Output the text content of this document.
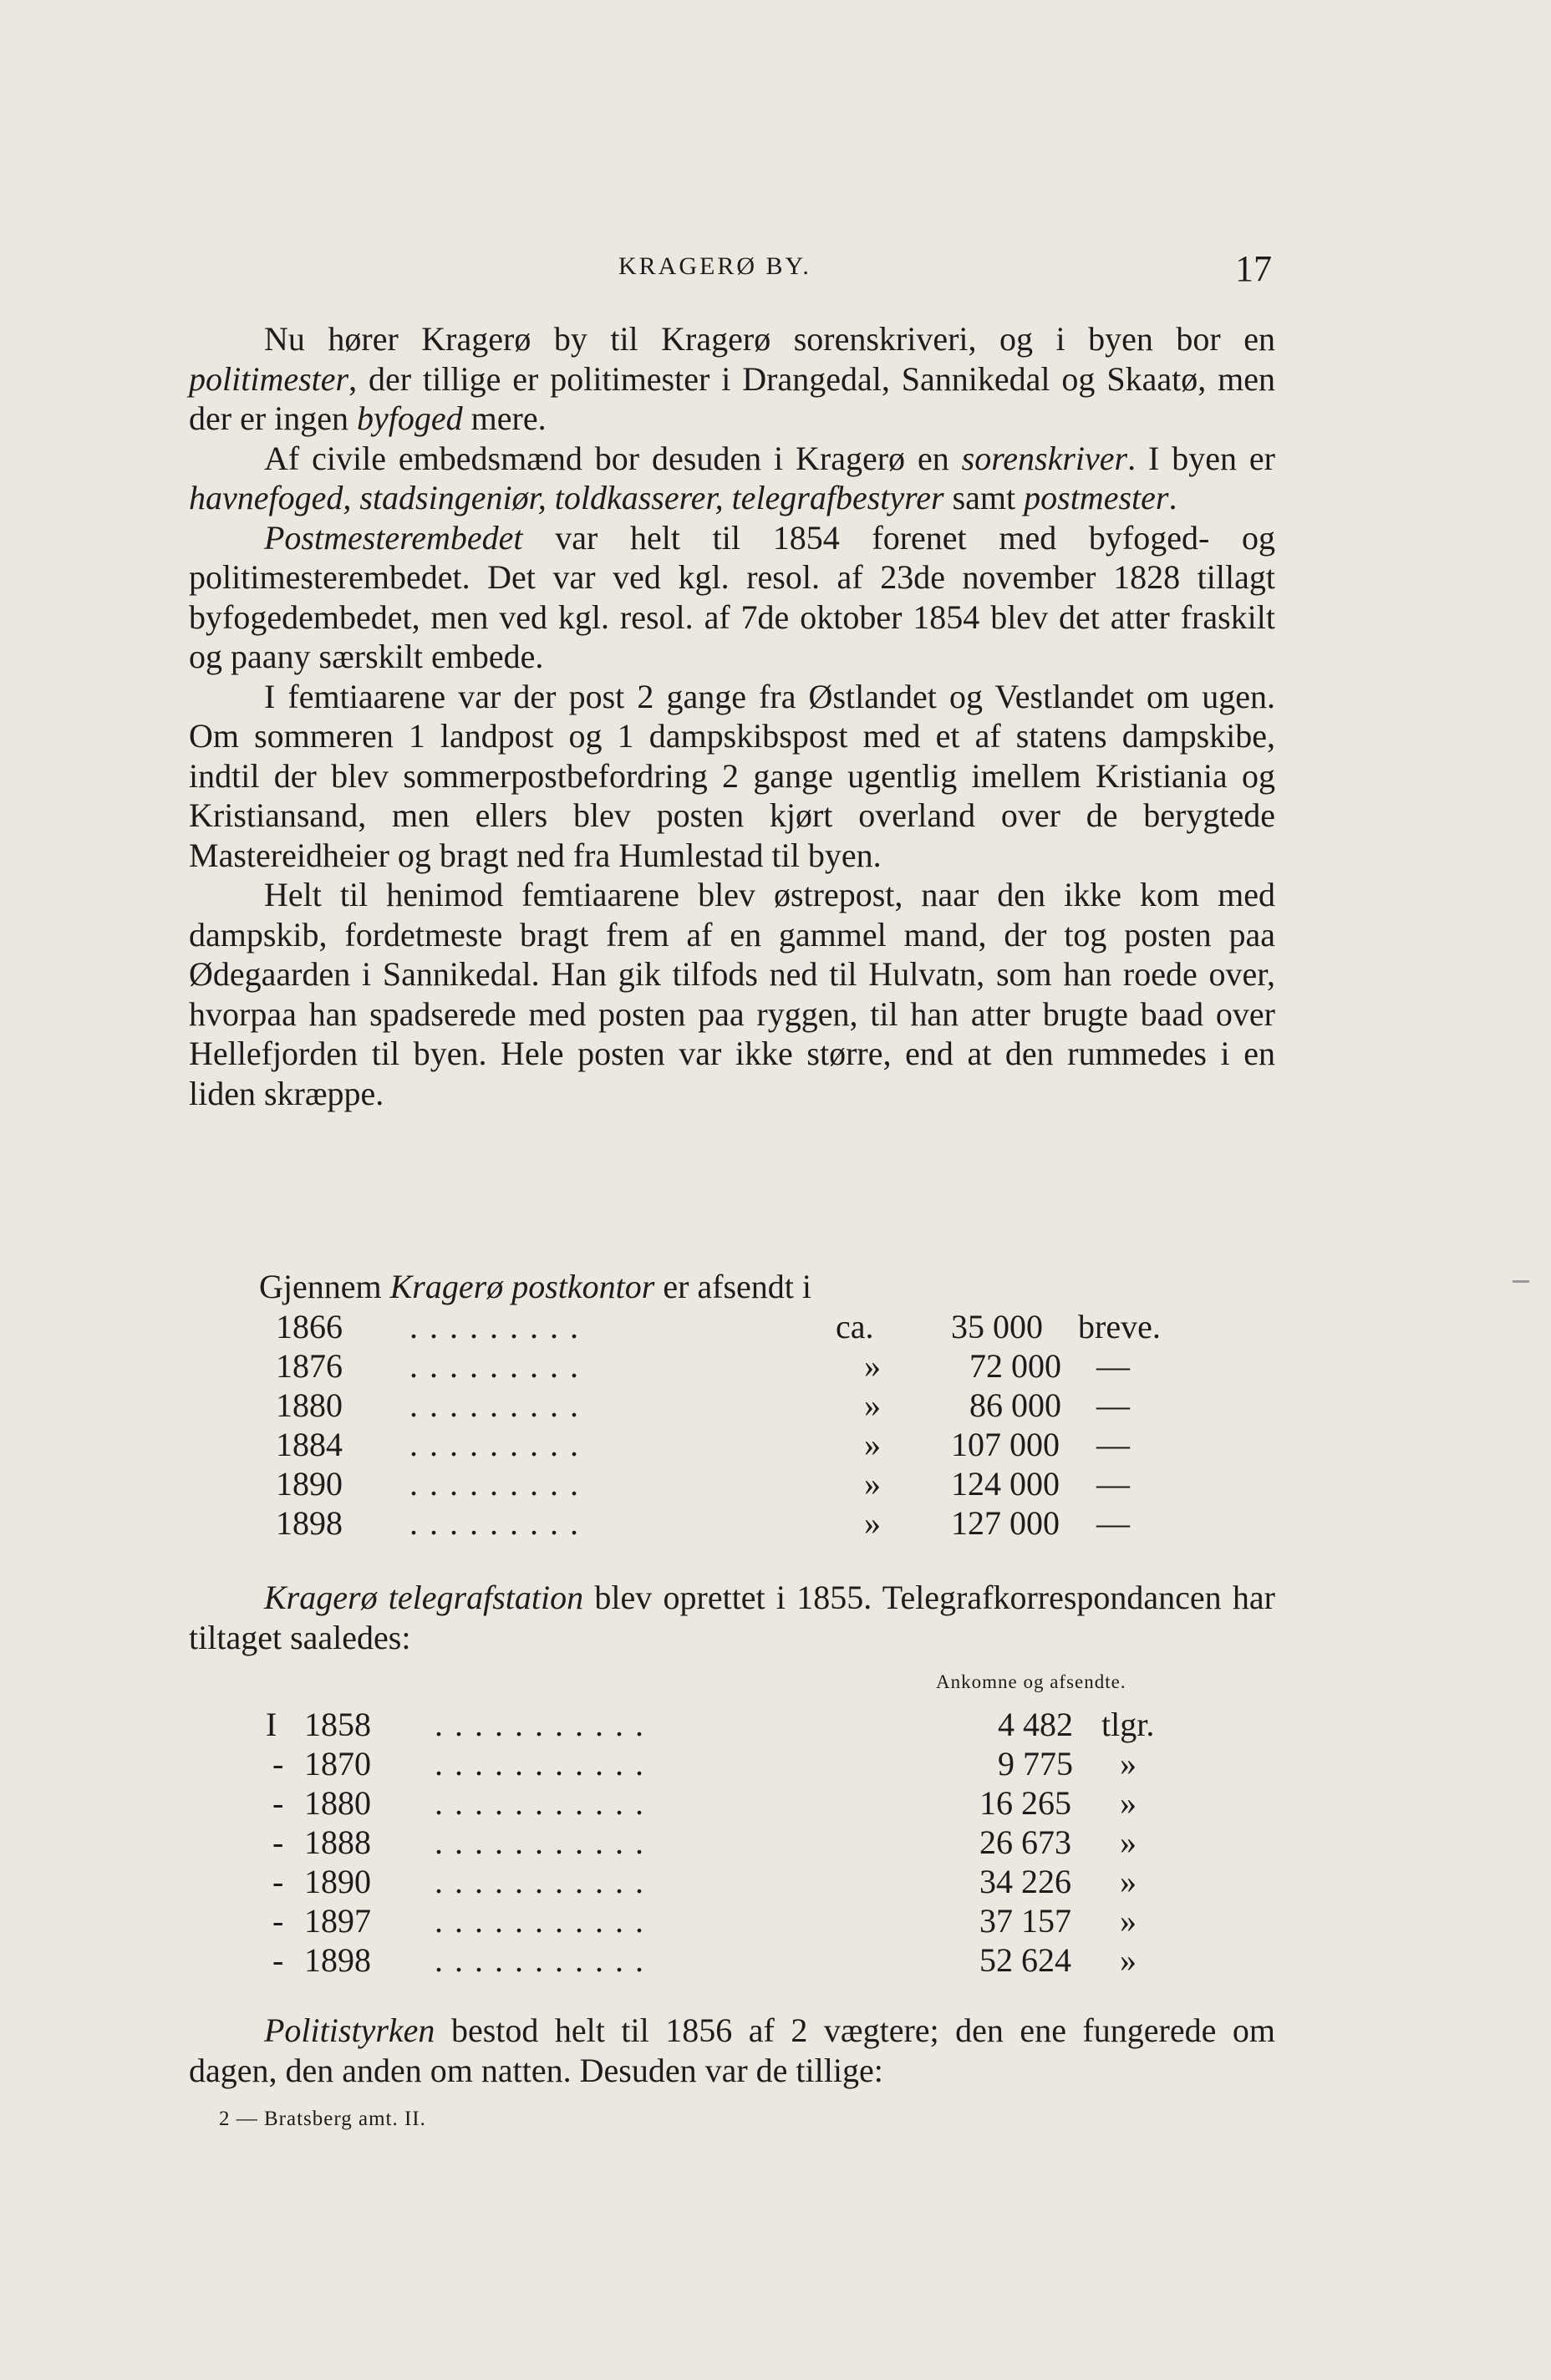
KRAGERØ BY.	17

Nu hører Kragerø by til Kragerø sorenskriveri, og i byen bor en politimester, der tillige er politimester i Drangedal, Sannikedal og Skaatø, men der er ingen byfoged mere.

Af civile embedsmænd bor desuden i Kragerø en sorenskriver. I byen er havnefoged, stadsingeniør, toldkasserer, telegrafbestyrer samt postmester.

Postmesterembedet var helt til 1854 forenet med byfoged- og politimesterembedet. Det var ved kgl. resol. af 23de november 1828 tillagt byfogedembedet, men ved kgl. resol. af 7de oktober 1854 blev det atter fraskilt og paany særskilt embede.

I femtiaarene var der post 2 gange fra Østlandet og Vestlandet om ugen. Om sommeren 1 landpost og 1 dampskibspost med et af statens dampskibe, indtil der blev sommerpostbefordring 2 gange ugentlig imellem Kristiania og Kristiansand, men ellers blev posten kjørt overland over de berygtede Mastereidheier og bragt ned fra Humlestad til byen.

Helt til henimod femtiaarene blev østrepost, naar den ikke kom med dampskib, fordetmeste bragt frem af en gammel mand, der tog posten paa Ødegaarden i Sannikedal. Han gik tilfods ned til Hulvatn, som han roede over, hvorpaa han spadserede med posten paa ryggen, til han atter brugte baad over Hellefjorden til byen. Hele posten var ikke større, end at den rummedes i en liden skræppe.

Gjennem Kragerø postkontor er afsendt i
1866 .........	ca. 35 000 breve.
1876 .........	»	72 000 —
1880 .........	»	86 000 —
1884 .........	» 107 000 —
1890 .........	» 124 000 —
1898 .........	» 127 000 —

Kragerø telegrafstation blev oprettet i 1855. Telegrafkorrespondancen har tiltaget saaledes:

Ankomne og afsendte.
I 1858 ...........	4 482 tlgr.
- 1870 ...........	9 775 »
- 1880 ...........	16 265 »
- 1888 ...........	26 673 »
- 1890 ...........	34 226 »
- 1897 ...........	37 157 »
- 1898 ...........	52 624 »

Politistyrken bestod helt til 1856 af 2 vægtere; den ene fungerede om dagen, den anden om natten. Desuden var de tillige:

2 — Bratsberg amt. II.
